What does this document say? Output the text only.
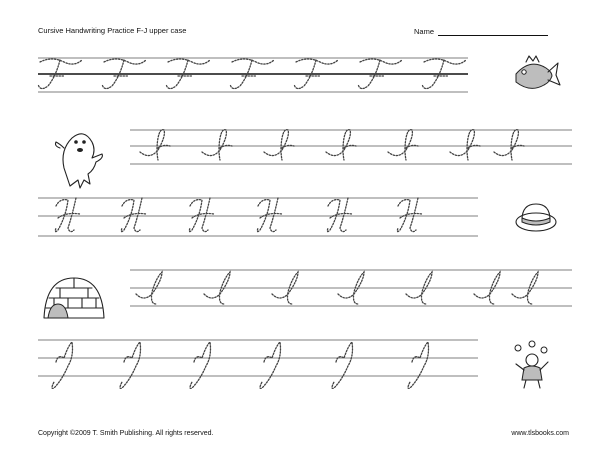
Cursive Handwriting Practice F-J upper case	Name
Copyright ©2009 T. Smith Publishing. All rights reserved.	www.tlsbooks.com
